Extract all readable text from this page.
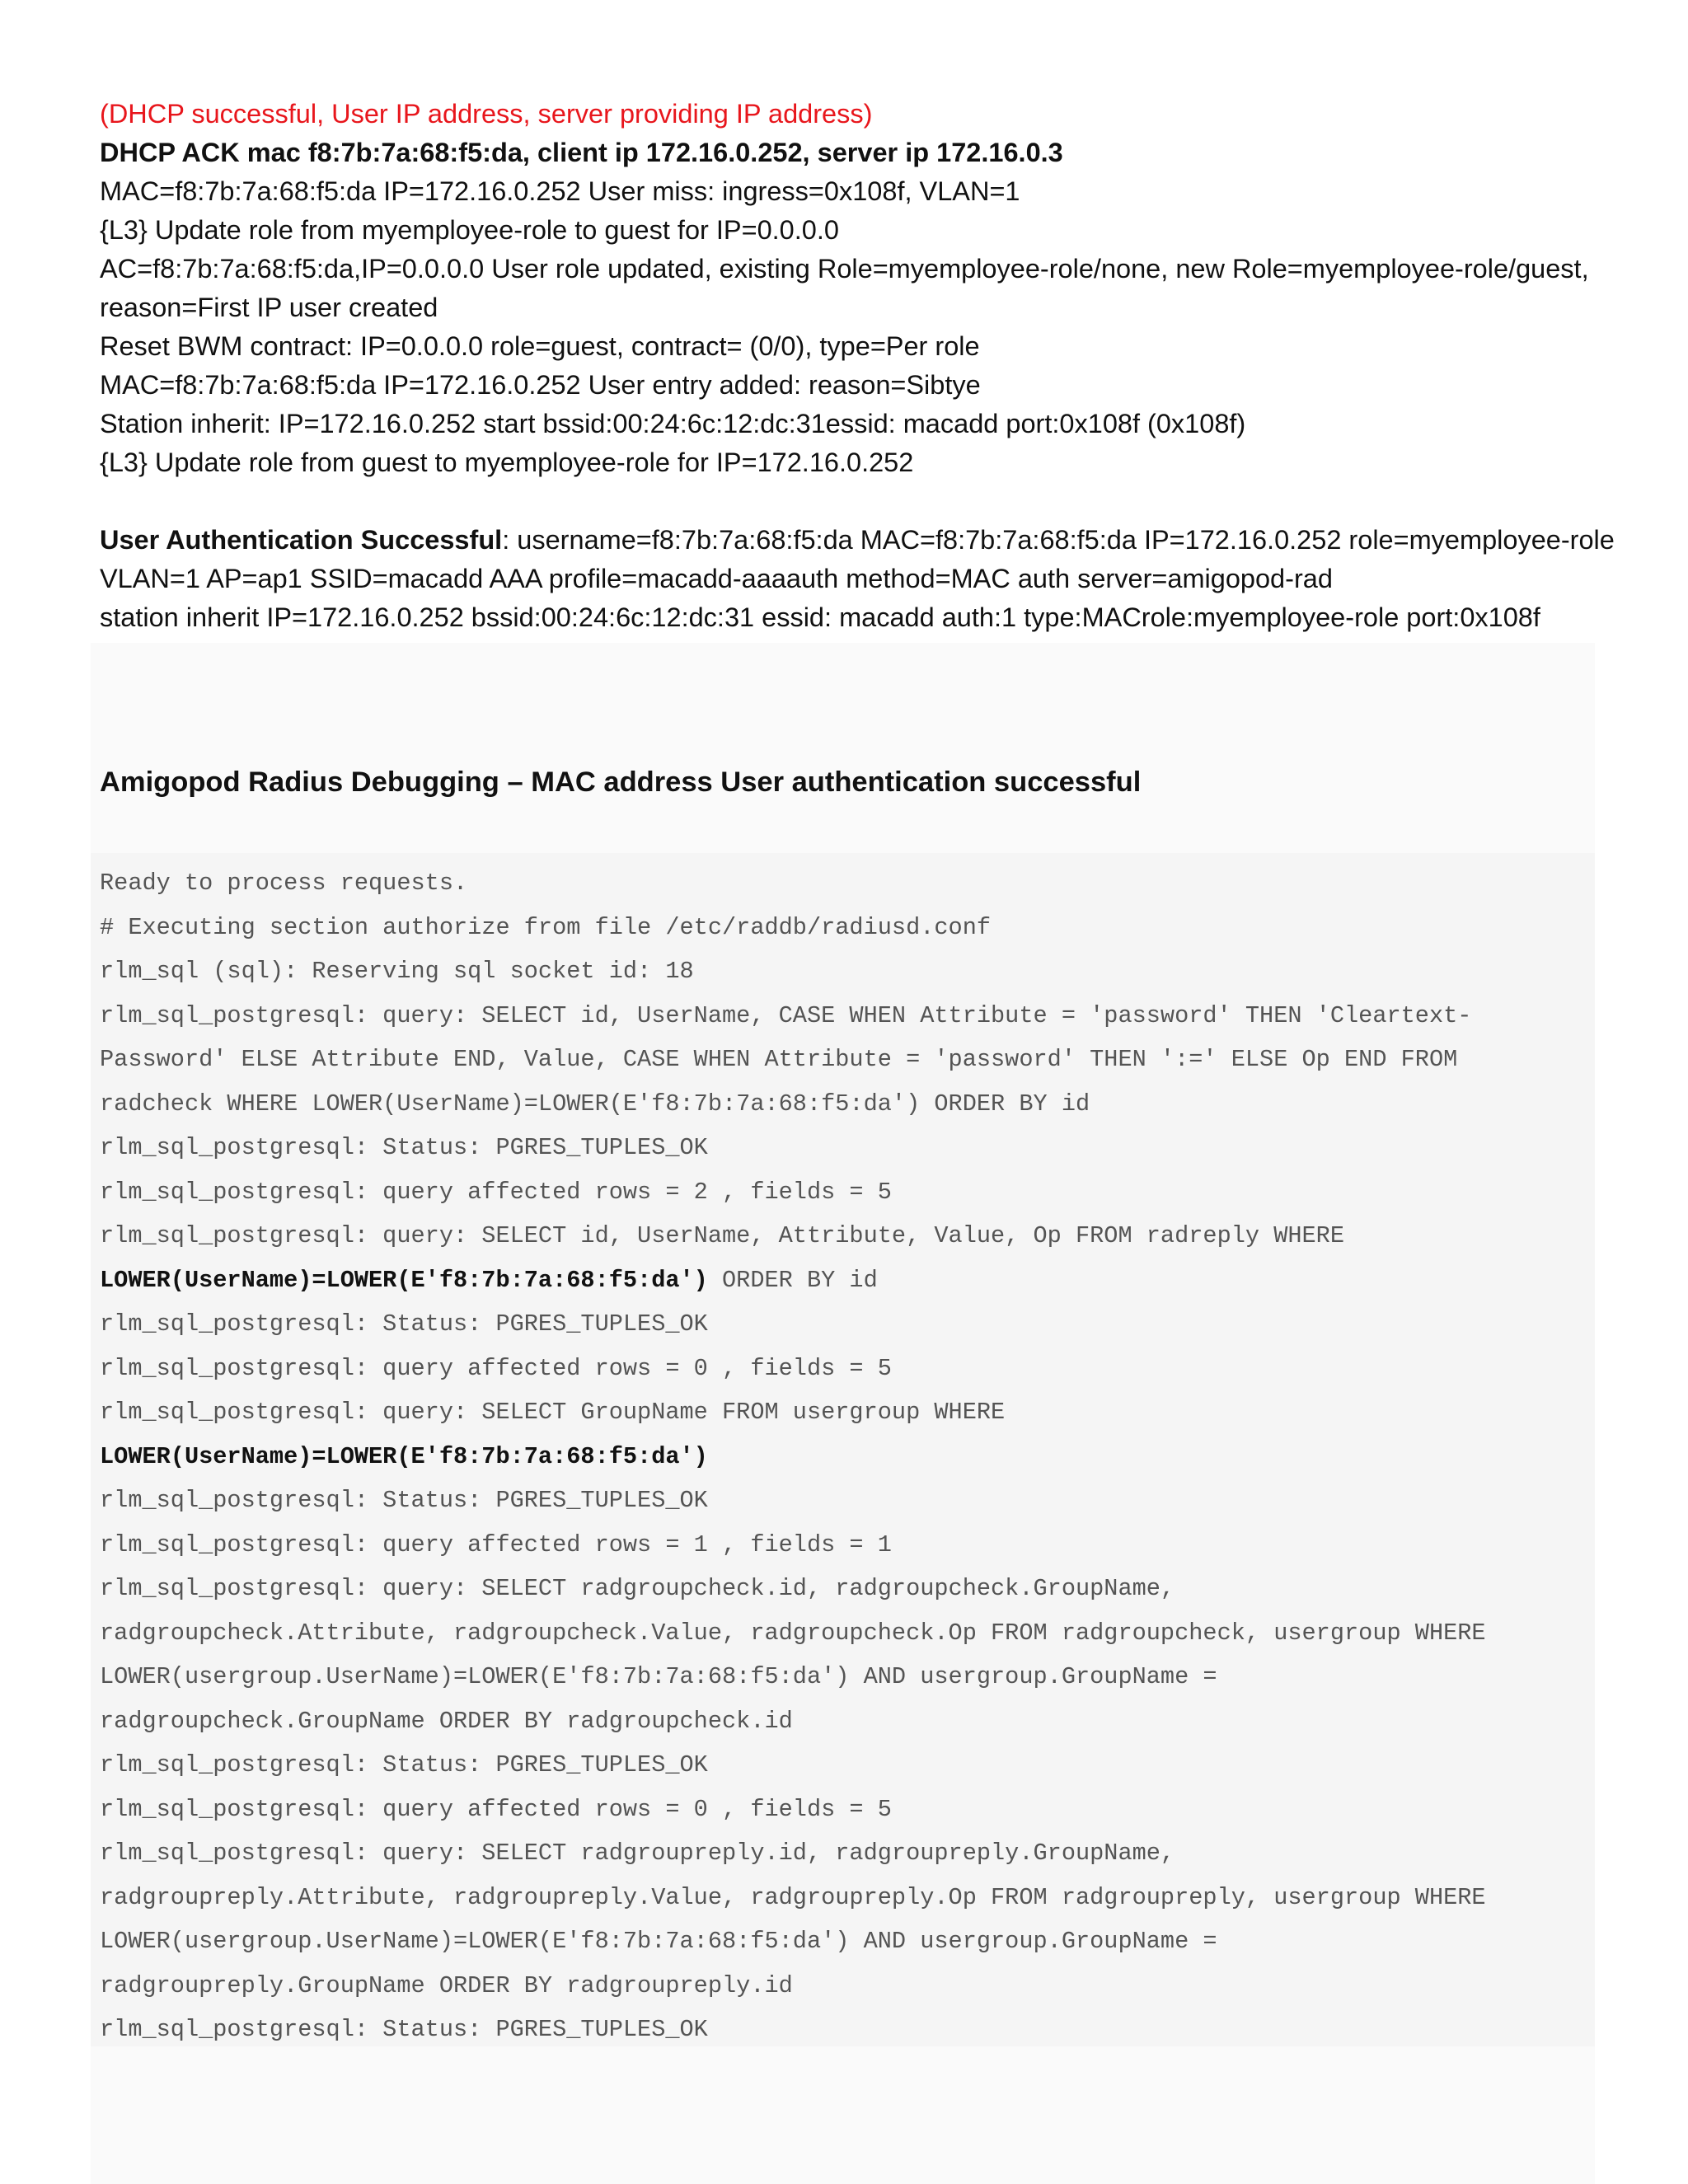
(DHCP successful, User IP address, server providing IP address)
DHCP ACK mac f8:7b:7a:68:f5:da, client ip 172.16.0.252, server ip 172.16.0.3
MAC=f8:7b:7a:68:f5:da IP=172.16.0.252 User miss: ingress=0x108f, VLAN=1
{L3} Update role from myemployee-role to guest for IP=0.0.0.0
AC=f8:7b:7a:68:f5:da,IP=0.0.0.0 User role updated, existing Role=myemployee-role/none, new Role=myemployee-role/guest,
reason=First IP user created
Reset BWM contract: IP=0.0.0.0 role=guest, contract= (0/0), type=Per role
MAC=f8:7b:7a:68:f5:da IP=172.16.0.252 User entry added: reason=Sibtye
Station inherit: IP=172.16.0.252 start bssid:00:24:6c:12:dc:31essid: macadd port:0x108f (0x108f)
{L3} Update role from guest to myemployee-role for IP=172.16.0.252
User Authentication Successful: username=f8:7b:7a:68:f5:da MAC=f8:7b:7a:68:f5:da IP=172.16.0.252 role=myemployee-role
VLAN=1 AP=ap1 SSID=macadd AAA profile=macadd-aaaauth method=MAC auth server=amigopod-rad
station inherit IP=172.16.0.252 bssid:00:24:6c:12:dc:31 essid: macadd auth:1 type:MACrole:myemployee-role port:0x108f
Amigopod Radius Debugging – MAC address User authentication successful
Ready to process requests.
# Executing section authorize from file /etc/raddb/radiusd.conf
rlm_sql (sql): Reserving sql socket id: 18
rlm_sql_postgresql: query: SELECT id, UserName, CASE WHEN Attribute = 'password' THEN 'Cleartext-
Password' ELSE Attribute END, Value, CASE WHEN Attribute = 'password' THEN ':=' ELSE Op END FROM
radcheck WHERE LOWER(UserName)=LOWER(E'f8:7b:7a:68:f5:da') ORDER BY id
rlm_sql_postgresql: Status: PGRES_TUPLES_OK
rlm_sql_postgresql: query affected rows = 2 , fields = 5
rlm_sql_postgresql: query: SELECT id, UserName, Attribute, Value, Op FROM radreply WHERE
LOWER(UserName)=LOWER(E'f8:7b:7a:68:f5:da') ORDER BY id
rlm_sql_postgresql: Status: PGRES_TUPLES_OK
rlm_sql_postgresql: query affected rows = 0 , fields = 5
rlm_sql_postgresql: query: SELECT GroupName FROM usergroup WHERE
LOWER(UserName)=LOWER(E'f8:7b:7a:68:f5:da')
rlm_sql_postgresql: Status: PGRES_TUPLES_OK
rlm_sql_postgresql: query affected rows = 1 , fields = 1
rlm_sql_postgresql: query: SELECT radgroupcheck.id, radgroupcheck.GroupName,
radgroupcheck.Attribute, radgroupcheck.Value, radgroupcheck.Op FROM radgroupcheck, usergroup WHERE
LOWER(usergroup.UserName)=LOWER(E'f8:7b:7a:68:f5:da') AND usergroup.GroupName =
radgroupcheck.GroupName ORDER BY radgroupcheck.id
rlm_sql_postgresql: Status: PGRES_TUPLES_OK
rlm_sql_postgresql: query affected rows = 0 , fields = 5
rlm_sql_postgresql: query: SELECT radgroupreply.id, radgroupreply.GroupName,
radgroupreply.Attribute, radgroupreply.Value, radgroupreply.Op FROM radgroupreply, usergroup WHERE
LOWER(usergroup.UserName)=LOWER(E'f8:7b:7a:68:f5:da') AND usergroup.GroupName =
radgroupreply.GroupName ORDER BY radgroupreply.id
rlm_sql_postgresql: Status: PGRES_TUPLES_OK
